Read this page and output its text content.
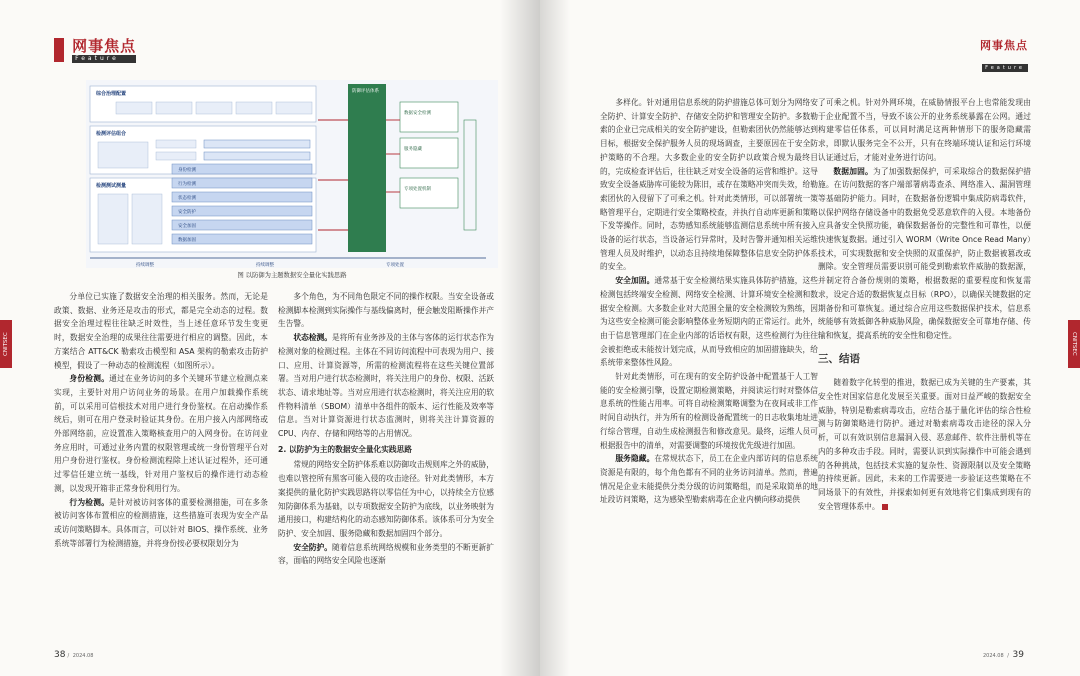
网事焦点
Feature
CNITSEC
综合治理配置
检测评估组合
检测测试测量
身份检测
行为检测
状态检测
安全防护
安全加固
数据加固
防御评估体系
数据安全检测
服务隐藏
专项处置机制
持续调整	持续调整	专项处置
图 以防御为主题数据安全量化实践思路

分单位已实施了数据安全治理的相关服务。然而，无论是政策、数据、业务还是攻击的形式，都是完全动态的过程。数据安全治理过程往往缺乏时效性，当上述任意环节发生变更时，数据安全治理的成果往往需要进行相应的调整。因此，本方案结合 ATT&CK 勒索攻击模型和 ASA 架构的勒索攻击防护模型，假设了一种动态的检测流程（如图所示）。

身份检测。通过在业务访问的多个关键环节建立检测点来实现，主要针对用户访问业务的场景。在用户加载操作系统前，可以采用可信根技术对用户进行身份鉴权。在启动操作系统后，则可在用户登录时验证其身份。在用户接入内部网络或外部网络前，应设置准入策略核查用户的入网身份。在访问业务应用时，可通过业务内置的权限管理或统一身份管理平台对用户身份进行鉴权。身份检测流程除上述认证过程外，还可通过零信任建立统一基线，针对用户鉴权后的操作进行动态检测，以发现开箱非正常身份利用行为。

行为检测。是针对被访问客体的重要检测措施，可在多条被访问客体布置相应的检测措施，这些措施可表现为安全产品或访问策略脚本。具体而言，可以针对 BIOS、操作系统、业务系统等部署行为检测措施，并将身份按必要权限划分为

多个角色，为不同角色限定不同的操作权限。当安全设备或检测脚本检测到实际操作与基线偏离时，便会触发阻断操作并产生告警。

状态检测。是将所有业务涉及的主体与客体的运行状态作为检测对象的检测过程。主体在不同访问流程中可表现为用户、接口、应用、计算资源等，所需的检测流程将在这些关键位置部署。当对用户进行状态检测时，将关注用户的身份、权限、活跃状态、请求地址等。当对应用进行状态检测时，将关注应用的软件物料清单（SBOM）清单中各组件的版本、运行性能及效率等信息。当对计算资源进行状态监测时，则将关注计算资源的 CPU、内存、存储和网络等的占用情况。

2. 以防护为主的数据安全量化实践思路

常规的网络安全防护体系难以防御攻击规则库之外的威胁，也难以管控所有黑客可能入侵的攻击途径。针对此类情形，本方案提供的量化防护实践思路将以零信任为中心，以持续全方位感知防御体系为基础，以专项数据安全防护为底线，以业务映射为通用接口，构建结构化的动态感知防御体系。该体系可分为安全防护、安全加固、服务隐藏和数据加固四个部分。

安全防护。随着信息系统网络规模和业务类型的不断更新扩容，面临的网络安全风险也逐渐

38 / 2024.08
网事焦点
Feature
CNITSEC

多样化。针对通用信息系统的防护措施总体可划分为网络安全防护、计算安全防护、存储安全防护和管理安全防护。多数勒索的企业已完成相关的安全防护建设，但勒索团伙仍然能够达到目标，根据安全保护服务人员的现场调查，主要原因在于安全防护策略的不合理。大多数企业的安全防护以政策合规为最终目的，完成检查评估后，往往缺乏对安全设备的运营和维护。这导致安全设备威胁库可能较为陈旧，或存在策略冲突而失效，给勒索团伙的入侵留下了可乘之机。针对此类情形，可以部署统一策略管理平台，定期进行安全策略校查，并执行自动库更新和策略下发等操作。同时，态势感知系统能够监测信息系统中所有接入设备的运行状态，当设备运行异常时，及时告警并通知相关运维管理人员及时维护，以动态且持续地保障整体信息安全防护体系的安全。

安全加固。通常基于安全检测结果实施具体防护措施，这些检测包括终端安全检测、网络安全检测、计算环境安全检测和数据安全检测。大多数企业对大范围全量的安全检测较为熟练，因为这些安全检测可能会影响整体业务短期内的正常运行。此外，由于信息管理部门在企业内部的话语权有限，这些检测行为往往会被拒绝或未能按计划完成，从而导致相应的加固措施缺失，给系统带来整体性风险。

针对此类情形，可在现有的安全防护设备中配置基于人工智能的安全检测引擎，设置定期检测策略，并阅读运行时对整体信息系统的性能占用率。可将自动检测策略调整为在夜间或非工作时间自动执行，并为所有的检测设备配置统一的日志收集地址进行综合管理，自动生成检测报告和修改意见。最终，运维人员可根据报告中的清单，对需要调整的环境按优先级进行加固。

服务隐藏。在常规状态下，员工在企业内部访问的信息系统资源是有限的，每个角色都有不同的业务访问清单。然而，普遍情况是企业未能提供分类分级的访问策略组，而是采取简单的地址段访问策略，这为感染型勒索病毒在企业内横向移动提供

了可乘之机。针对外网环境，在威胁情报平台上也常能发现由于企业配置不当，导致不该公开的业务系统暴露在公网。通过构建零信任体系，可以同时满足这两种情形下的服务隐藏需求，即默认服务完全不公开，只有在终端环境认证和运行环境认证通过后，才能对业务进行访问。

数据加固。为了加强数据保护，可采取综合的数据保护措施。在访问数据的客户端部署病毒查杀、网络准入、漏洞管理等基础防护能力。同时，在数据备份逻辑中集成防病毒软件，以保护网络存储设备中的数据免受恶意软件的入侵。本地备份应具备安全快照功能，确保数据备份的完整性和可靠性，以便快速恢复数据。通过引入 WORM（Write Once Read Many）技术，可实现数据和安全快照的双重保护，防止数据被篡改或删除。安全管理员需要识别可能受到勒索软件威胁的数据源，并制定符合备份规则的策略，根据数据的重要程度和恢复需求，设定合适的数据恢复点目标（RPO），以确保关键数据的定期备份和可靠恢复。通过综合应用这些数据保护技术，信息系统能够有效抵御各种威胁风险，确保数据安全可靠地存储、传输和恢复，提高系统的安全性和稳定性。

三、结语

随着数字化转型的推进，数据已成为关键的生产要素，其安全性对国家信息化发展至关重要。面对日益严峻的数据安全威胁，特别是勒索病毒攻击，应结合基于量化评估的综合性检测与防御策略进行防护。通过对勒索病毒攻击途径的深入分析，可以有效识别信息漏洞入侵、恶意邮件、软件注册机等在内的多种攻击手段。同时，需要认识到实际操作中可能会遇到的各种挑战，包括技术实施的复杂性、资源限制以及安全策略的持续更新。因此，未来的工作需要进一步验证这些策略在不同场景下的有效性，并探索如何更有效地将它们集成到现有的安全管理体系中。

2024.08 / 39
